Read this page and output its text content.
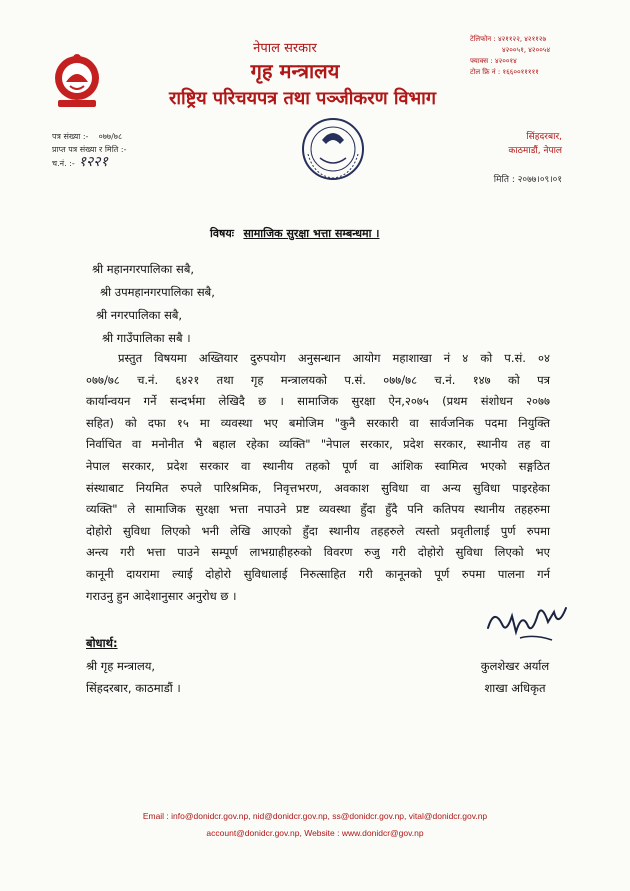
नेपाल सरकार
गृह मन्त्रालय
राष्ट्रिय परिचयपत्र तथा पञ्जीकरण विभाग
टेलिफोन : ४२११२२, ४२११२७
४२००५१, ४२००५४
फ्याक्स : ४२००१४
टोल फ्रि नं : १६६००१११११
पत्र संख्या :- ०७७/७८
प्राप्त पत्र संख्या र मिति :-
च.नं. :- १२२१
सिंहदरबार,
काठमाडौं, नेपाल
मिति : २०७७।०९।०१
विषयः सामाजिक सुरक्षा भत्ता सम्बन्धमा ।
श्री महानगरपालिका सबै,
श्री उपमहानगरपालिका सबै,
श्री नगरपालिका सबै,
श्री गाउँपालिका सबै ।
प्रस्तुत विषयमा अख्तियार दुरुपयोग अनुसन्धान आयोग महाशाखा नं ४ को प.सं. ०४
०७७/७८ च.नं. ६४२१ तथा गृह मन्त्रालयको प.सं. ०७७/७८ च.नं. १४७ को पत्र
कार्यान्वयन गर्ने सन्दर्भमा लेखिदै छ । सामाजिक सुरक्षा ऐन,२०७५ (प्रथम संशोधन २०७७
सहित) को दफा १५ मा व्यवस्था भए बमोजिम "कुनै सरकारी वा सार्वजनिक पदमा नियुक्ति
निर्वाचित वा मनोनीत भै बहाल रहेका व्यक्ति" "नेपाल सरकार, प्रदेश सरकार, स्थानीय तह वा
नेपाल सरकार, प्रदेश सरकार वा स्थानीय तहको पूर्ण वा आंशिक स्वामित्व भएको सङ्गठित
संस्थाबाट नियमित रुपले पारिश्रमिक, निवृत्तभरण, अवकाश सुविधा वा अन्य सुविधा पाइरहेका
व्यक्ति" ले सामाजिक सुरक्षा भत्ता नपाउने प्रष्ट व्यवस्था हुँदा हुँदै पनि कतिपय स्थानीय तहहरुमा
दोहोरो सुविधा लिएको भनी लेखि आएको हुँदा स्थानीय तहहरुले त्यस्तो प्रवृतीलाई पुर्ण रुपमा
अन्त्य गरी भत्ता पाउने सम्पूर्ण लाभग्राहीहरुको विवरण रुजु गरी दोहोरो सुविधा लिएको भए
कानूनी दायरामा ल्याई दोहोरो सुविधालाई निरुत्साहित गरी कानूनको पूर्ण रुपमा पालना गर्न
गराउनु हुन आदेशानुसार अनुरोध छ ।
बोधार्थ:
श्री गृह मन्त्रालय,
सिंहदरबार, काठमाडौं ।
कुलशेखर अर्याल
शाखा अधिकृत
Email : info@donidcr.gov.np, nid@donidcr.gov.np, ss@donidcr.gov.np, vital@donidcr.gov.np
account@donidcr.gov.np, Website : www.donidcr@gov.np
